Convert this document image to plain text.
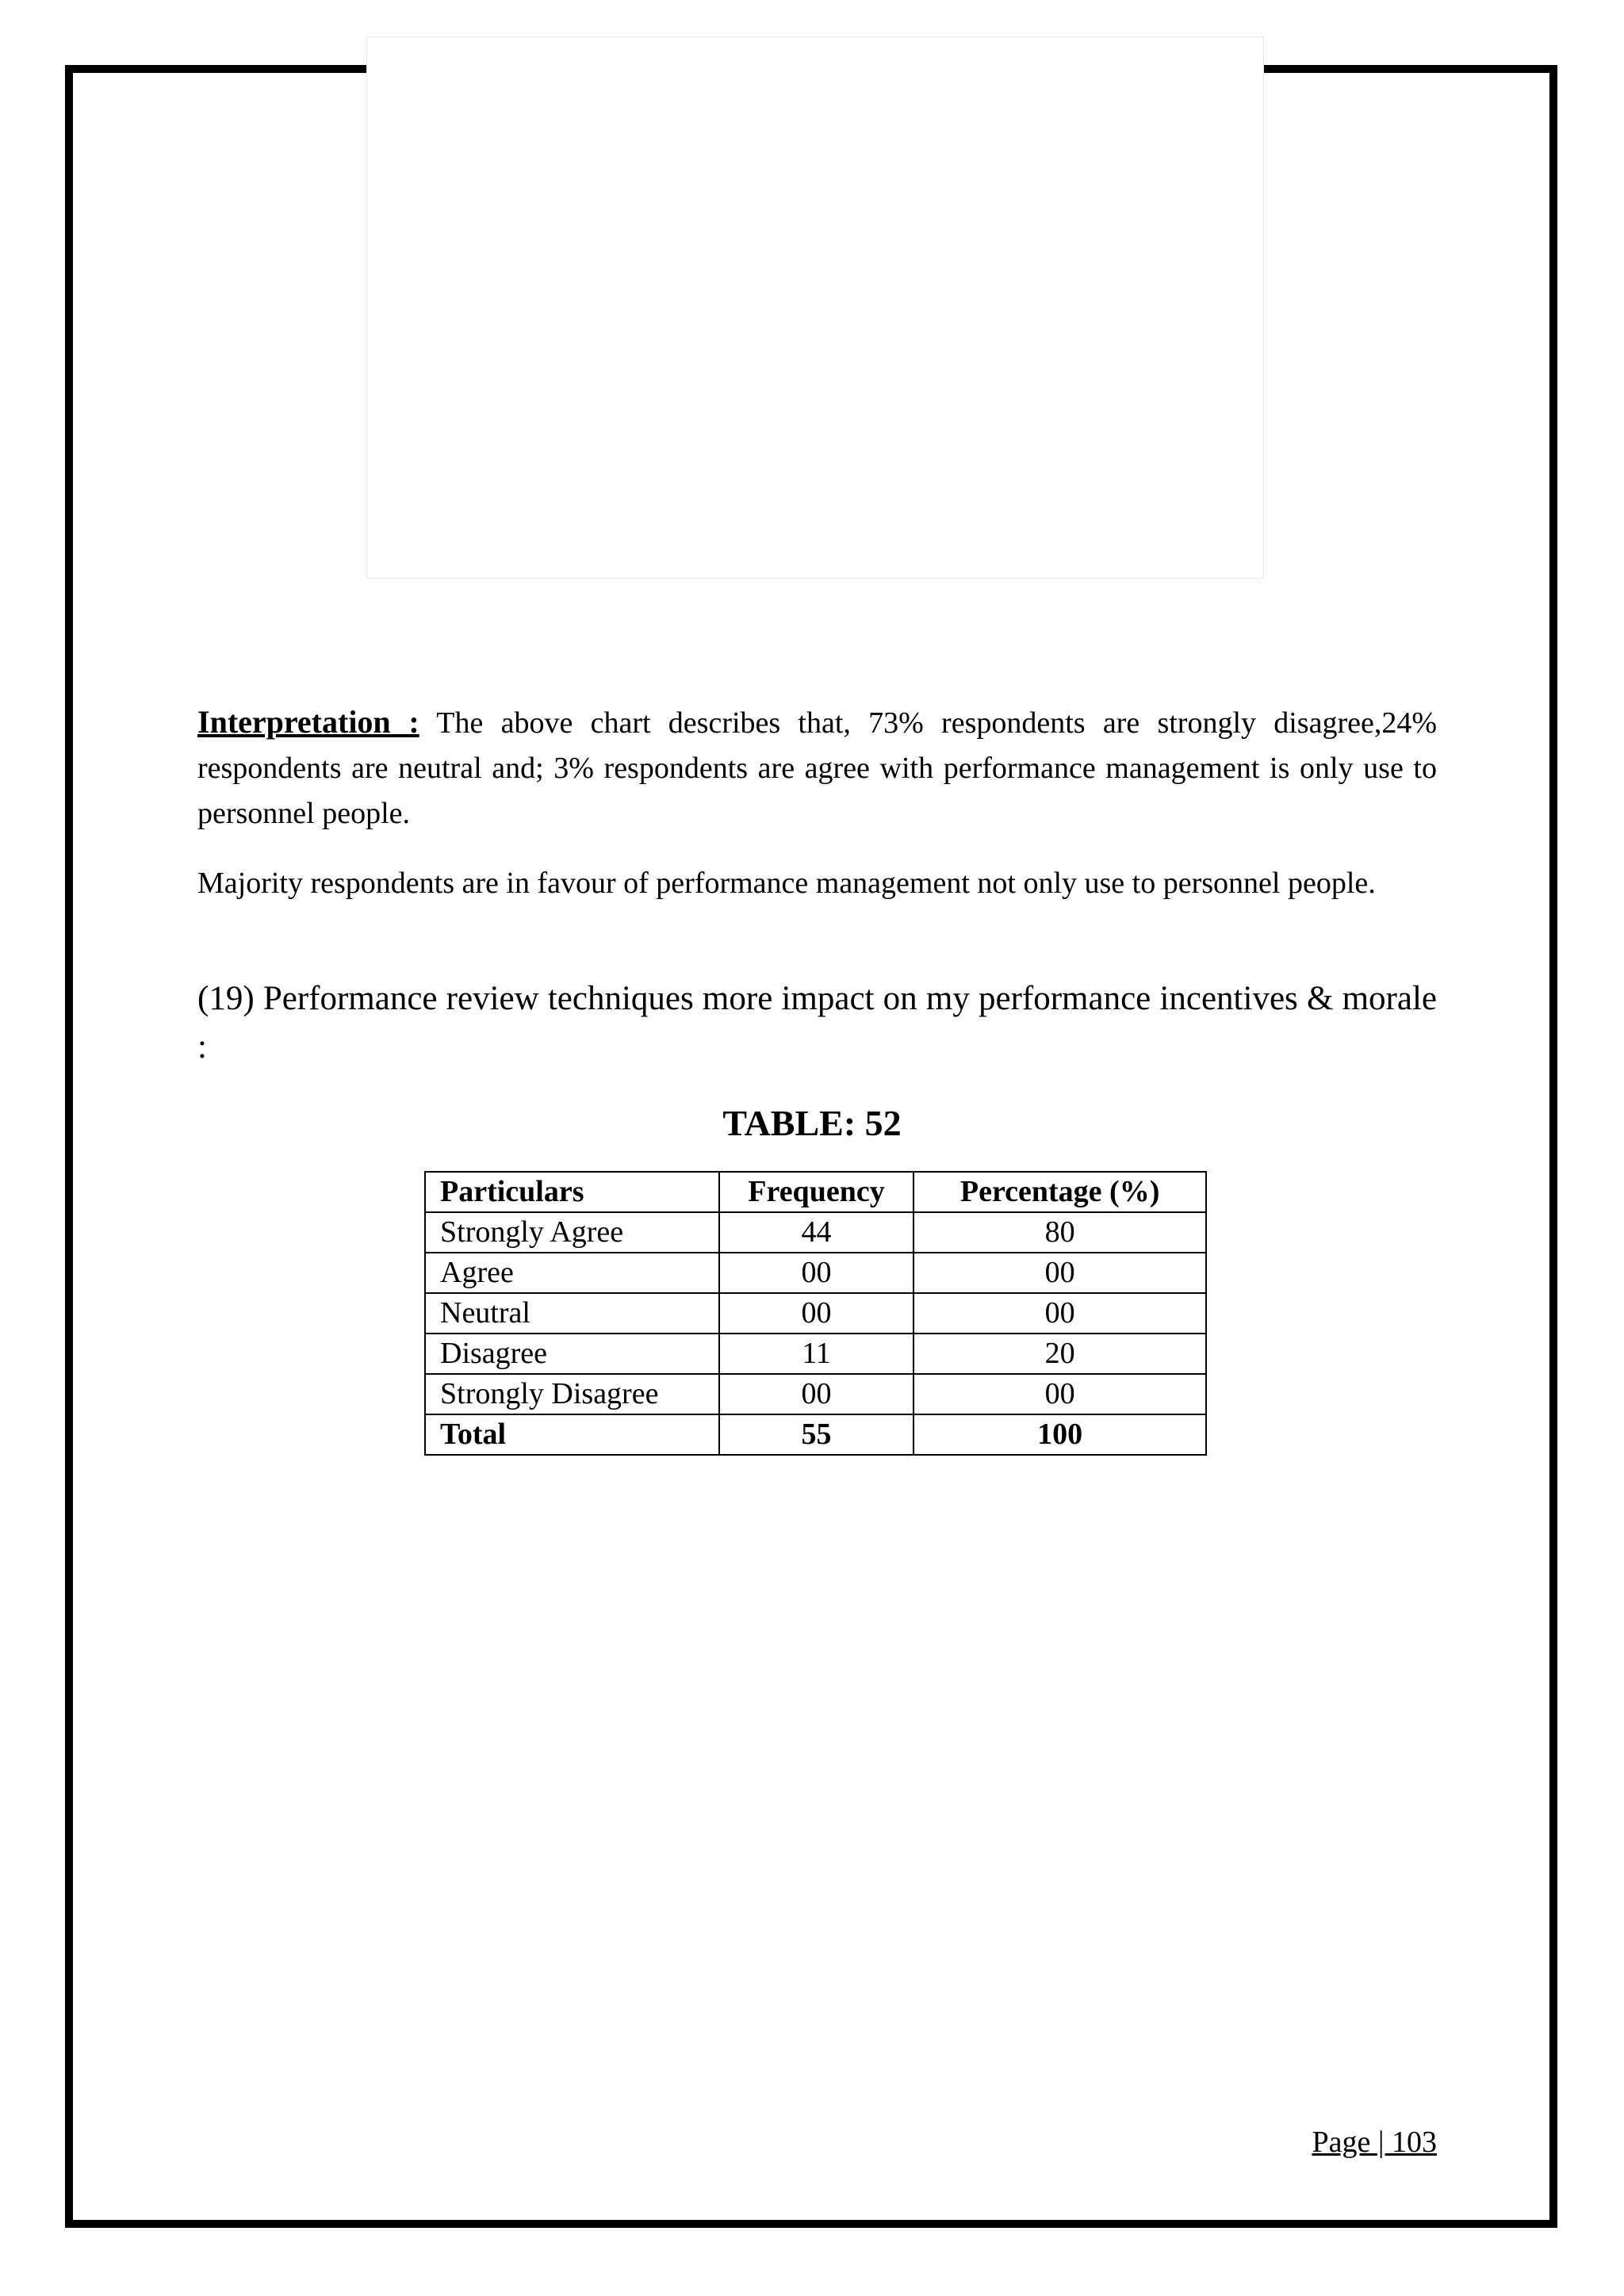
Interpretation : The above chart describes that, 73% respondents are strongly disagree,24% respondents are neutral and; 3% respondents are agree with performance management is only use to personnel people.

Majority respondents are in favour of performance management not only use to personnel people.

(19) Performance review techniques more impact on my performance incentives & morale :

TABLE: 52
Particulars	Frequency	Percentage (%)
Strongly Agree	44	80
Agree	00	00
Neutral	00	00
Disagree	11	20
Strongly Disagree	00	00
Total	55	100
Page | 103
